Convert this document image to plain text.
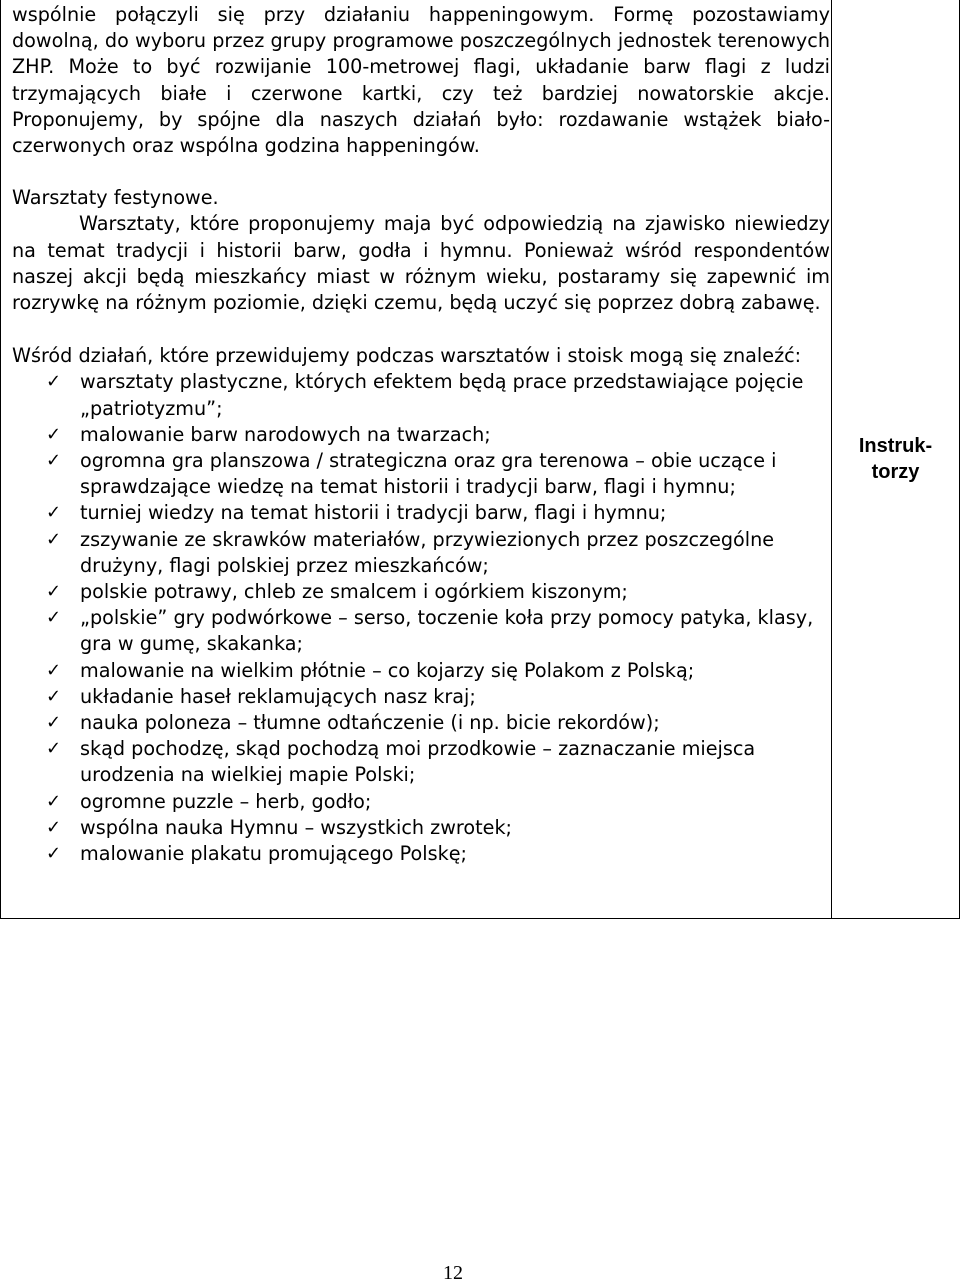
wspólnie połączyli się przy działaniu happeningowym. Formę pozostawiamy dowolną, do wyboru przez grupy programowe poszczególnych jednostek terenowych ZHP. Może to być rozwijanie 100-metrowej flagi, układanie barw flagi z ludzi trzymających białe i czerwone kartki, czy też bardziej nowatorskie akcje. Proponujemy, by spójne dla naszych działań było: rozdawanie wstążek biało-czerwonych oraz wspólna godzina happeningów.

Warsztaty festynowe.

Warsztaty, które proponujemy maja być odpowiedzią na zjawisko niewiedzy na temat tradycji i historii barw, godła i hymnu. Ponieważ wśród respondentów naszej akcji będą mieszkańcy miast w różnym wieku, postaramy się zapewnić im rozrywkę na różnym poziomie, dzięki czemu, będą uczyć się poprzez dobrą zabawę.

Wśród działań, które przewidujemy podczas warsztatów i stoisk mogą się znaleźć:

✓ warsztaty plastyczne, których efektem będą prace przedstawiające pojęcie „patriotyzmu”;
✓ malowanie barw narodowych na twarzach;
✓ ogromna gra planszowa / strategiczna oraz gra terenowa – obie uczące i sprawdzające wiedzę na temat historii i tradycji barw, flagi i hymnu;
✓ turniej wiedzy na temat historii i tradycji barw, flagi i hymnu;
✓ zszywanie ze skrawków materiałów, przywiezionych przez poszczególne drużyny, flagi polskiej przez mieszkańców;
✓ polskie potrawy, chleb ze smalcem i ogórkiem kiszonym;
✓ „polskie” gry podwórkowe – serso, toczenie koła przy pomocy patyka, klasy, gra w gumę, skakanka;
✓ malowanie na wielkim płótnie – co kojarzy się Polakom z Polską;
✓ układanie haseł reklamujących nasz kraj;
✓ nauka poloneza – tłumne odtańczenie (i np. bicie rekordów);
✓ skąd pochodzę, skąd pochodzą moi przodkowie – zaznaczanie miejsca urodzenia na wielkiej mapie Polski;
✓ ogromne puzzle – herb, godło;
✓ wspólna nauka Hymnu – wszystkich zwrotek;
✓ malowanie plakatu promującego Polskę;
Instruk-
torzy
12
